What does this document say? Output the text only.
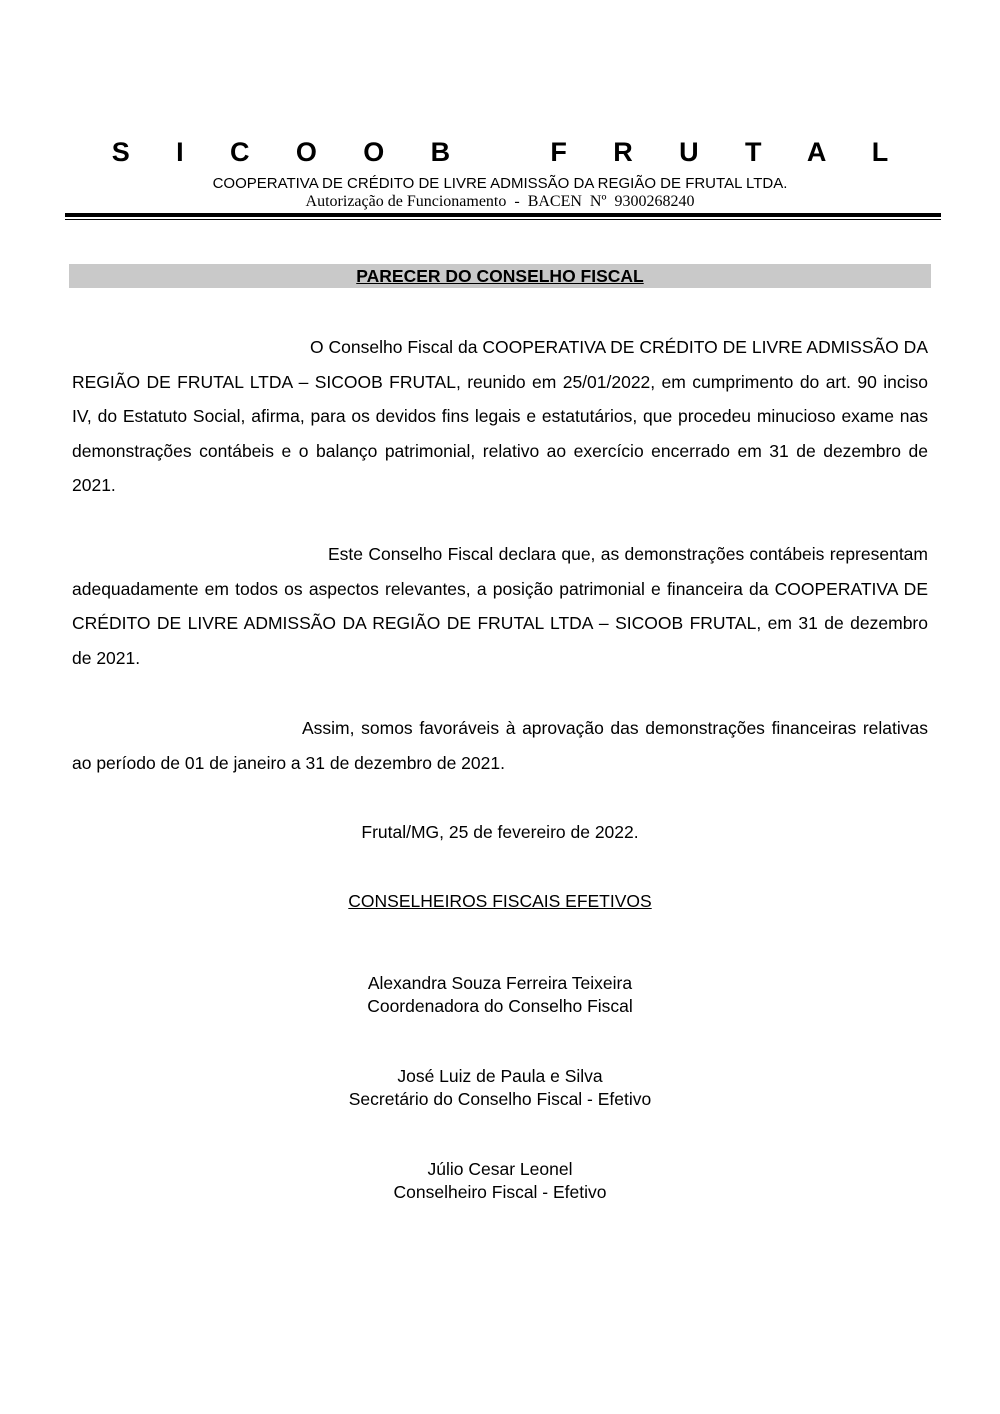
S I C O O B   F R U T A L
COOPERATIVA DE CRÉDITO DE LIVRE ADMISSÃO DA REGIÃO DE FRUTAL LTDA.
Autorização de Funcionamento  -  BACEN  Nº  9300268240
PARECER DO CONSELHO FISCAL

O Conselho Fiscal da COOPERATIVA DE CRÉDITO DE LIVRE ADMISSÃO DA REGIÃO DE FRUTAL LTDA – SICOOB FRUTAL, reunido em 25/01/2022, em cumprimento do art. 90 inciso IV, do Estatuto Social, afirma, para os devidos fins legais e estatutários, que procedeu minucioso exame nas demonstrações contábeis e o balanço patrimonial, relativo ao exercício encerrado em 31 de dezembro de 2021.

Este Conselho Fiscal declara que, as demonstrações contábeis representam adequadamente em todos os aspectos relevantes, a posição patrimonial e financeira da COOPERATIVA DE CRÉDITO DE LIVRE ADMISSÃO DA REGIÃO DE FRUTAL LTDA – SICOOB FRUTAL, em 31 de dezembro de 2021.

Assim, somos favoráveis à aprovação das demonstrações financeiras relativas ao período de 01 de janeiro a 31 de dezembro de 2021.

Frutal/MG, 25 de fevereiro de 2022.
CONSELHEIROS FISCAIS EFETIVOS
Alexandra Souza Ferreira Teixeira
Coordenadora do Conselho Fiscal
José Luiz de Paula e Silva
Secretário do Conselho Fiscal - Efetivo
Júlio Cesar Leonel
Conselheiro Fiscal - Efetivo
